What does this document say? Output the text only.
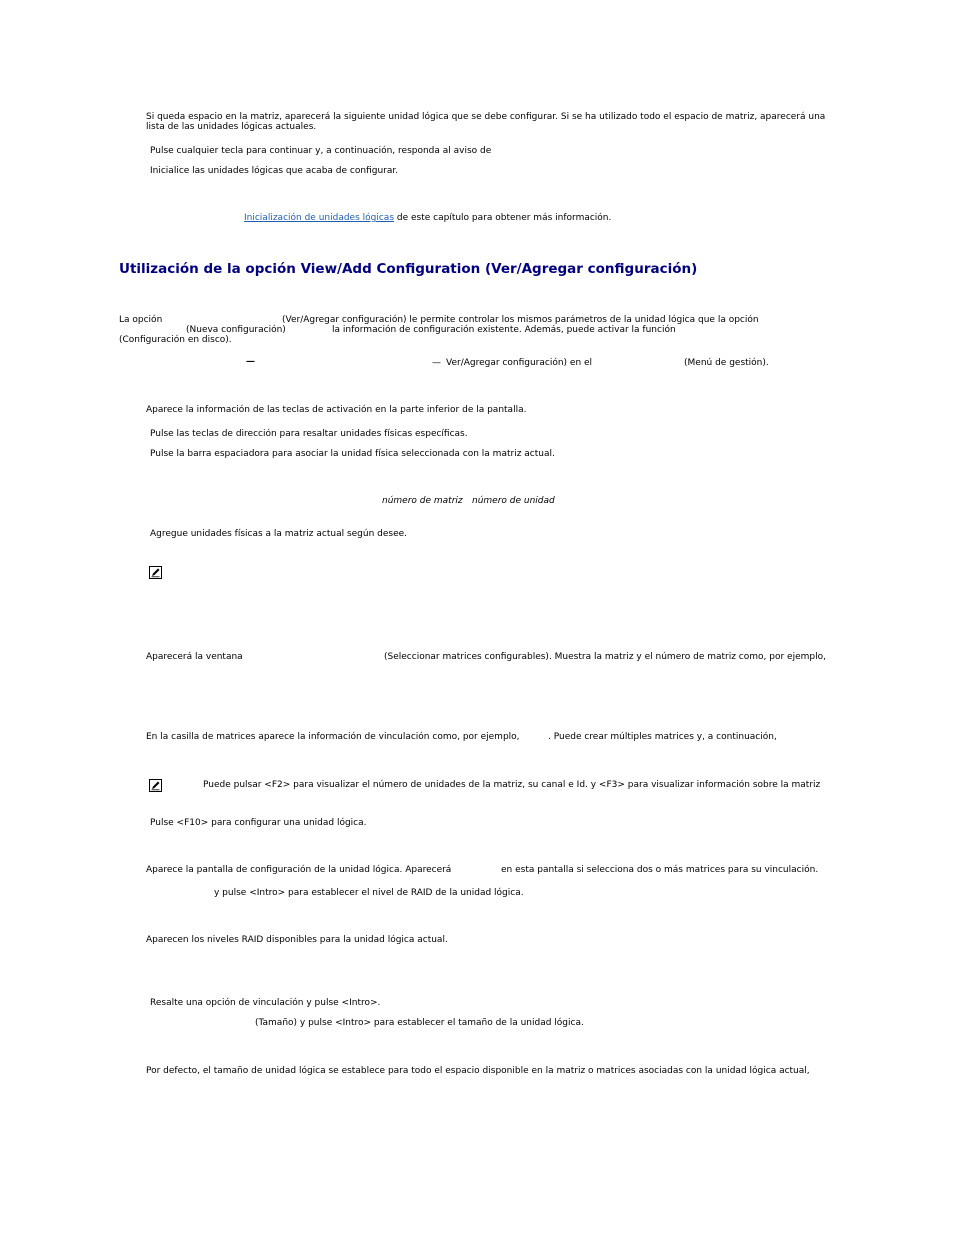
Si queda espacio en la matriz, aparecerá la siguiente unidad lógica que se debe configurar. Si se ha utilizado todo el espacio de matriz, aparecerá una
lista de las unidades lógicas actuales.
Pulse cualquier tecla para continuar y, a continuación, responda al aviso de
Inicialice las unidades lógicas que acaba de configurar.
Inicialización de unidades lógicas de este capítulo para obtener más información.
Utilización de la opción View/Add Configuration (Ver/Agregar configuración)
La opción	(Ver/Agregar configuración) le permite controlar los mismos parámetros de la unidad lógica que la opción
(Nueva configuración)	la información de configuración existente. Además, puede activar la función
(Configuración en disco).
—	— Ver/Agregar configuración) en el	(Menú de gestión).
Aparece la información de las teclas de activación en la parte inferior de la pantalla.
Pulse las teclas de dirección para resaltar unidades físicas específicas.
Pulse la barra espaciadora para asociar la unidad física seleccionada con la matriz actual.
número de matriz número de unidad
Agregue unidades físicas a la matriz actual según desee.
Aparecerá la ventana	(Seleccionar matrices configurables). Muestra la matriz y el número de matriz como, por ejemplo,
En la casilla de matrices aparece la información de vinculación como, por ejemplo,	. Puede crear múltiples matrices y, a continuación,
Puede pulsar <F2> para visualizar el número de unidades de la matriz, su canal e Id. y <F3> para visualizar información sobre la matriz
Pulse <F10> para configurar una unidad lógica.
Aparece la pantalla de configuración de la unidad lógica. Aparecerá	en esta pantalla si selecciona dos o más matrices para su vinculación.
y pulse <Intro> para establecer el nivel de RAID de la unidad lógica.
Aparecen los niveles RAID disponibles para la unidad lógica actual.
Resalte una opción de vinculación y pulse <Intro>.
(Tamaño) y pulse <Intro> para establecer el tamaño de la unidad lógica.
Por defecto, el tamaño de unidad lógica se establece para todo el espacio disponible en la matriz o matrices asociadas con la unidad lógica actual,
